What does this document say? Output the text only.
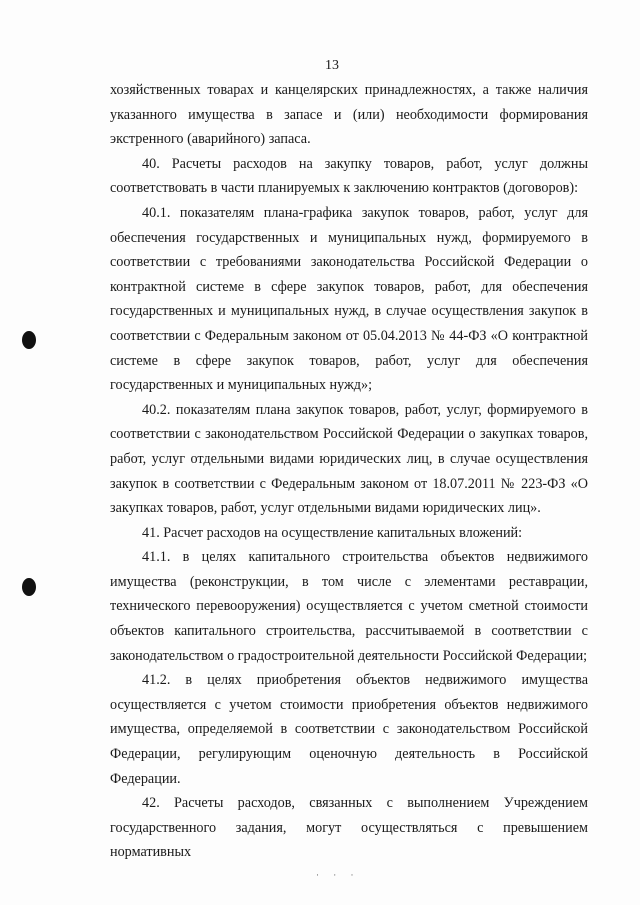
13

хозяйственных товарах и канцелярских принадлежностях, а также наличия указанного имущества в запасе и (или) необходимости формирования экстренного (аварийного) запаса.

40. Расчеты расходов на закупку товаров, работ, услуг должны соответствовать в части планируемых к заключению контрактов (договоров):

40.1. показателям плана-графика закупок товаров, работ, услуг для обеспечения государственных и муниципальных нужд, формируемого в соответствии с требованиями законодательства Российской Федерации о контрактной системе в сфере закупок товаров, работ, для обеспечения государственных и муниципальных нужд, в случае осуществления закупок в соответствии с Федеральным законом от 05.04.2013 № 44-ФЗ «О контрактной системе в сфере закупок товаров, работ, услуг для обеспечения государственных и муниципальных нужд»;

40.2. показателям плана закупок товаров, работ, услуг, формируемого в соответствии с законодательством Российской Федерации о закупках товаров, работ, услуг отдельными видами юридических лиц, в случае осуществления закупок в соответствии с Федеральным законом от 18.07.2011 № 223-ФЗ «О закупках товаров, работ, услуг отдельными видами юридических лиц».

41. Расчет расходов на осуществление капитальных вложений:

41.1. в целях капитального строительства объектов недвижимого имущества (реконструкции, в том числе с элементами реставрации, технического перевооружения) осуществляется с учетом сметной стоимости объектов капитального строительства, рассчитываемой в соответствии с законодательством о градостроительной деятельности Российской Федерации;

41.2. в целях приобретения объектов недвижимого имущества осуществляется с учетом стоимости приобретения объектов недвижимого имущества, определяемой в соответствии с законодательством Российской Федерации, регулирующим оценочную деятельность в Российской Федерации.

42. Расчеты расходов, связанных с выполнением Учреждением государственного задания, могут осуществляться с превышением нормативных

· · ·
